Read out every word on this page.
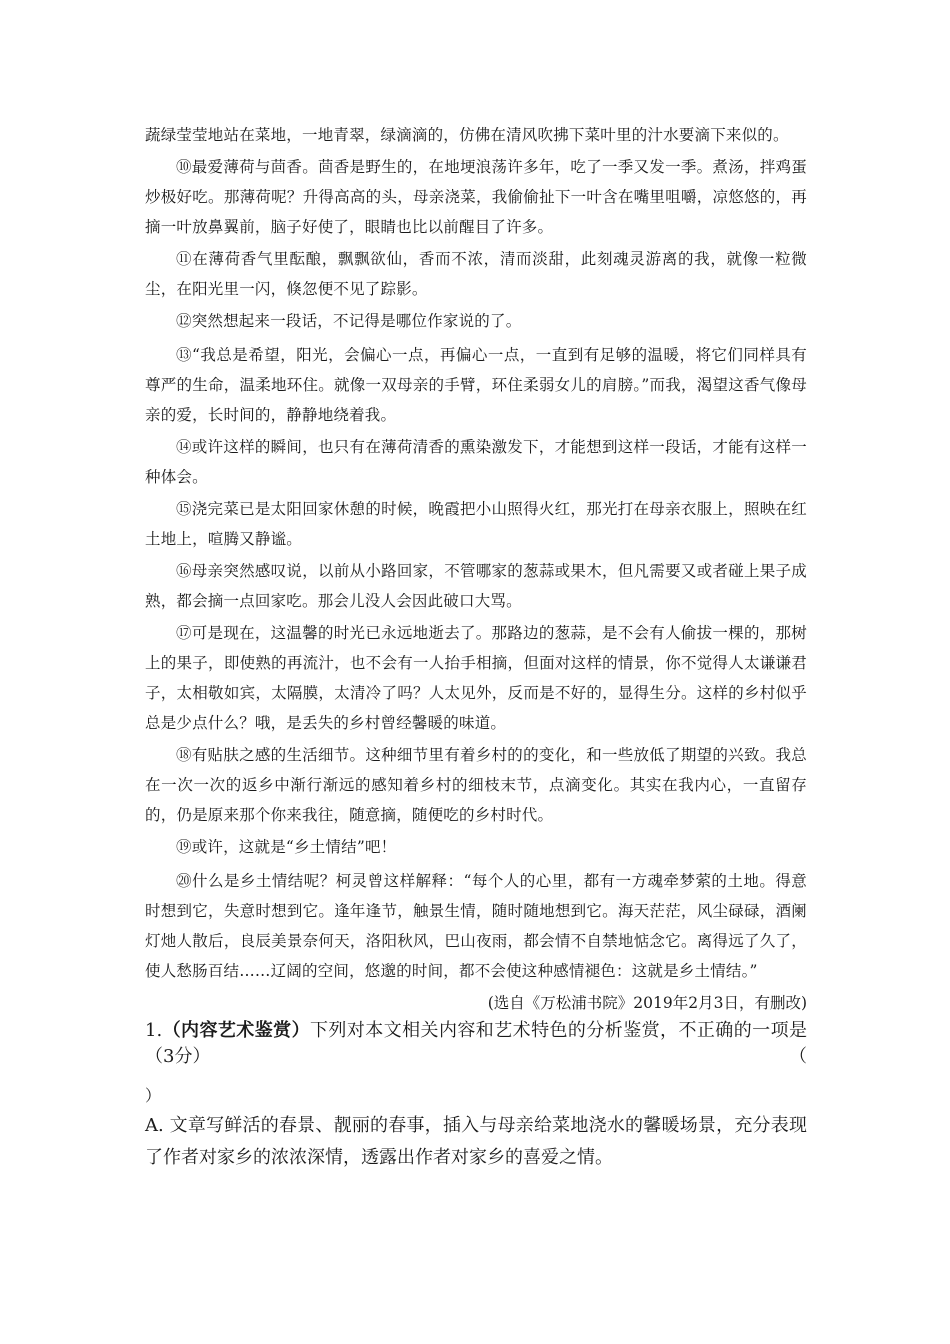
蔬绿莹莹地站在菜地，一地青翠，绿滴滴的，仿佛在清风吹拂下菜叶里的汁水要滴下来似的。

⑩最爱薄荷与茴香。茴香是野生的，在地埂浪荡许多年，吃了一季又发一季。煮汤，拌鸡蛋炒极好吃。那薄荷呢？升得高高的头，母亲浇菜，我偷偷扯下一叶含在嘴里咀嚼，凉悠悠的，再摘一叶放鼻翼前，脑子好使了，眼睛也比以前醒目了许多。

⑪在薄荷香气里酝酿，飘飘欲仙，香而不浓，清而淡甜，此刻魂灵游离的我，就像一粒微尘，在阳光里一闪，倏忽便不见了踪影。

⑫突然想起来一段话，不记得是哪位作家说的了。

⑬“我总是希望，阳光，会偏心一点，再偏心一点，一直到有足够的温暖，将它们同样具有尊严的生命，温柔地环住。就像一双母亲的手臂，环住柔弱女儿的肩膀。”而我，渴望这香气像母亲的爱，长时间的，静静地绕着我。

⑭或许这样的瞬间，也只有在薄荷清香的熏染激发下，才能想到这样一段话，才能有这样一种体会。

⑮浇完菜已是太阳回家休憩的时候，晚霞把小山照得火红，那光打在母亲衣服上，照映在红土地上，喧腾又静谧。

⑯母亲突然感叹说，以前从小路回家，不管哪家的葱蒜或果木，但凡需要又或者碰上果子成熟，都会摘一点回家吃。那会儿没人会因此破口大骂。

⑰可是现在，这温馨的时光已永远地逝去了。那路边的葱蒜，是不会有人偷拔一棵的，那树上的果子，即使熟的再流汁，也不会有一人抬手相摘，但面对这样的情景，你不觉得人太谦谦君子，太相敬如宾，太隔膜，太清冷了吗？人太见外，反而是不好的，显得生分。这样的乡村似乎总是少点什么？哦，是丢失的乡村曾经馨暖的味道。

⑱有贴肤之感的生活细节。这种细节里有着乡村的的变化，和一些放低了期望的兴致。我总在一次一次的返乡中渐行渐远的感知着乡村的细枝末节，点滴变化。其实在我内心，一直留存的，仍是原来那个你来我往，随意摘，随便吃的乡村时代。

⑲或许，这就是“乡土情结”吧！

⑳什么是乡土情结呢？柯灵曾这样解释：“每个人的心里，都有一方魂牵梦萦的土地。得意时想到它，失意时想到它。逢年逢节，触景生情，随时随地想到它。海天茫茫，风尘碌碌，酒阑灯灺人散后，良辰美景奈何天，洛阳秋风，巴山夜雨，都会情不自禁地惦念它。离得远了久了，使人愁肠百结……辽阔的空间，悠邈的时间，都不会使这种感情褪色：这就是乡土情结。”

(选自《万松浦书院》2019年2月3日，有删改)

1.（内容艺术鉴赏）下列对本文相关内容和艺术特色的分析鉴赏，不正确的一项是（3分）	（
）

A. 文章写鲜活的春景、靓丽的春事，插入与母亲给菜地浇水的馨暖场景，充分表现了作者对家乡的浓浓深情，透露出作者对家乡的喜爱之情。
